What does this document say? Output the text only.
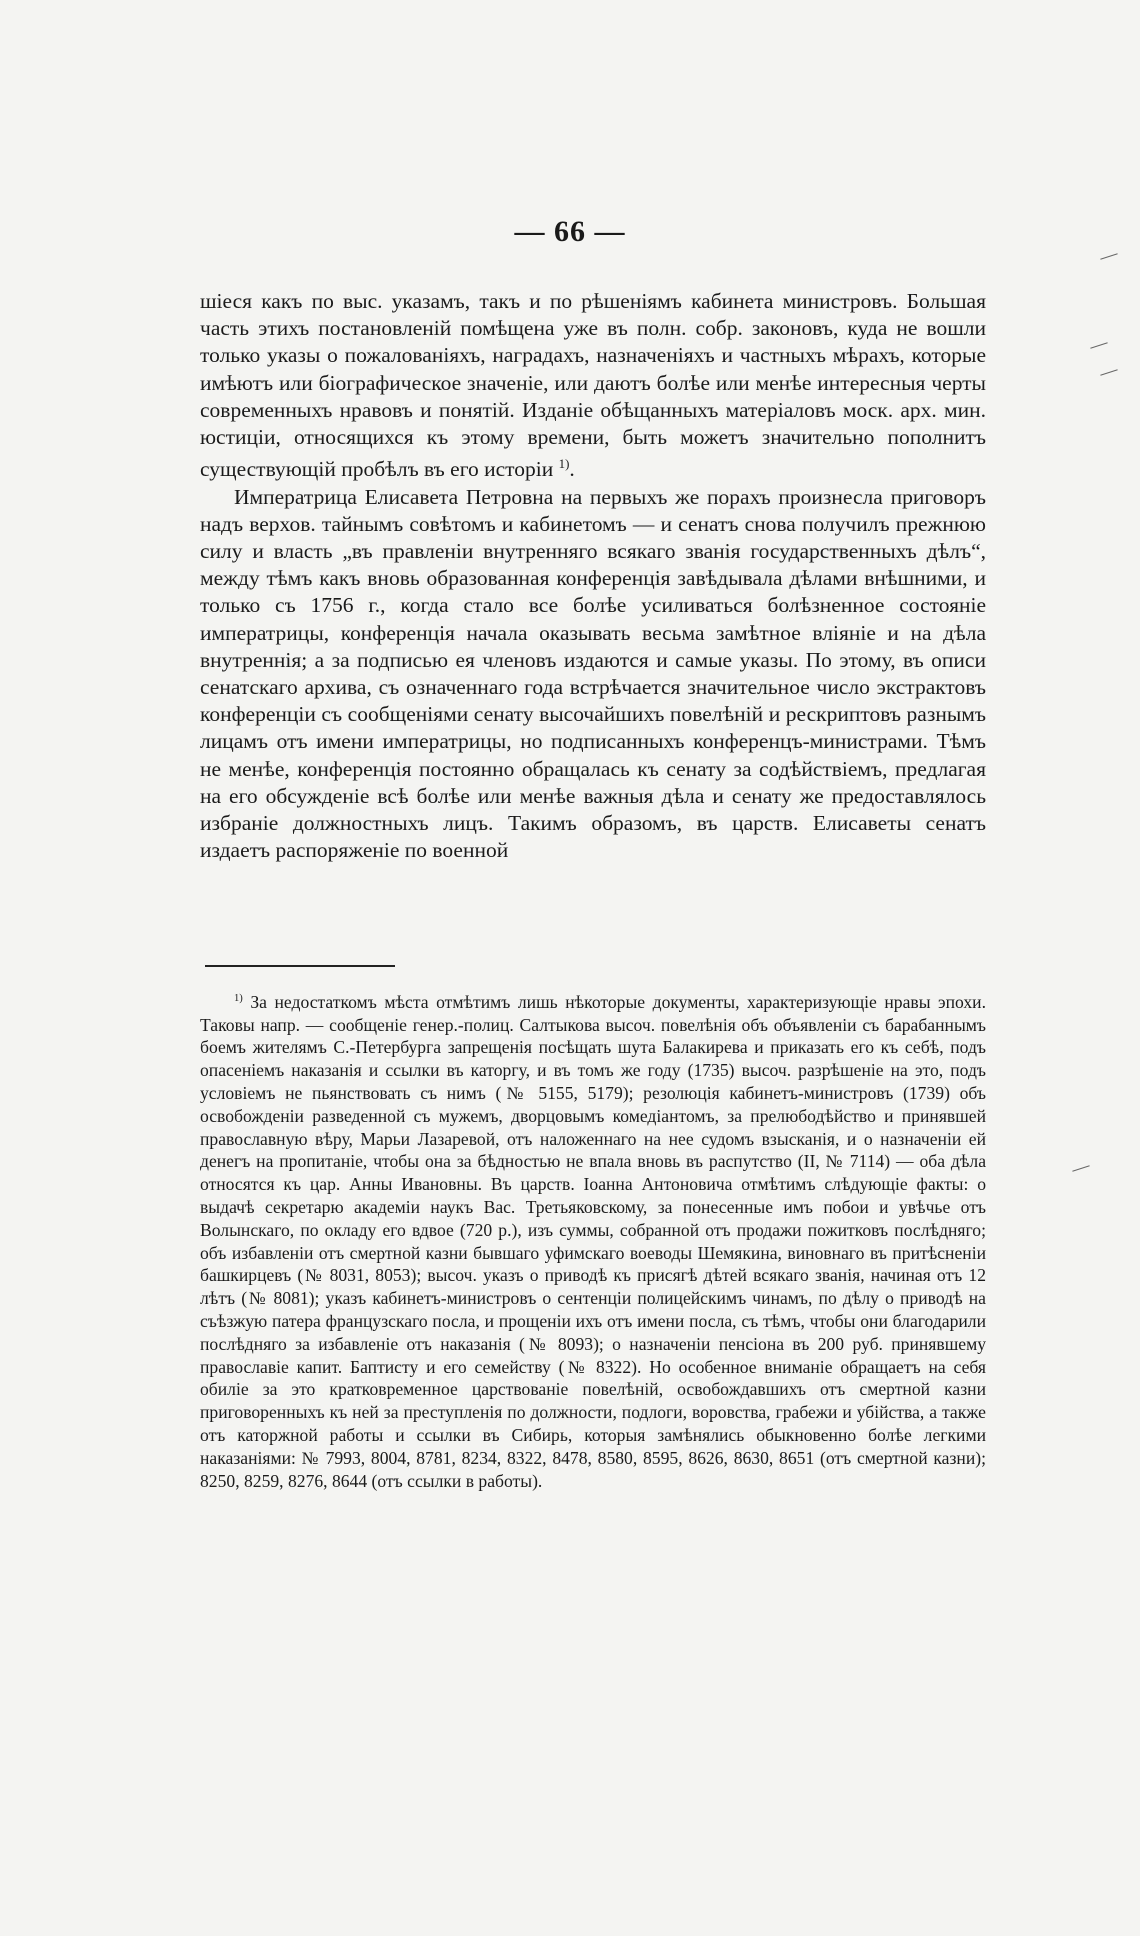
— 66 —

шіеся какъ по выс. указамъ, такъ и по рѣшеніямъ кабинета министровъ. Большая часть этихъ постановленій помѣщена уже въ полн. собр. законовъ, куда не вошли только указы о пожалованіяхъ, наградахъ, назначеніяхъ и частныхъ мѣрахъ, которые имѣютъ или біографическое значеніе, или даютъ болѣе или менѣе интересныя черты современныхъ нравовъ и понятій. Изданіе обѣщанныхъ матеріаловъ моск. арх. мин. юстиціи, относящихся къ этому времени, быть можетъ значительно пополнитъ существующій пробѣлъ въ его исторіи $^{1)}$.

Императрица Елисавета Петровна на первыхъ же порахъ произнесла приговоръ надъ верхов. тайнымъ совѣтомъ и кабинетомъ — и сенатъ снова получилъ прежнюю силу и власть „въ правленіи внутренняго всякаго званія государственныхъ дѣлъ“, между тѣмъ какъ вновь образованная конференція завѣдывала дѣлами внѣшними, и только съ 1756 г., когда стало все болѣе усиливаться болѣзненное состояніе императрицы, конференція начала оказывать весьма замѣтное вліяніе и на дѣла внутреннія; а за подписью ея членовъ издаются и самые указы. По этому, въ описи сенатскаго архива, съ означеннаго года встрѣчается значительное число экстрактовъ конференціи съ сообщеніями сенату высочайшихъ повелѣній и рескриптовъ разнымъ лицамъ отъ имени императрицы, но подписанныхъ конференцъ-министрами. Тѣмъ не менѣе, конференція постоянно обращалась къ сенату за содѣйствіемъ, предлагая на его обсужденіе всѣ болѣе или менѣе важныя дѣла и сенату же предоставлялось избраніе должностныхъ лицъ. Такимъ образомъ, въ царств. Елисаветы сенатъ издаетъ распоряженіе по военной

$^{1)}$ За недостаткомъ мѣста отмѣтимъ лишь нѣкоторые документы, характеризующіе нравы эпохи. Таковы напр. — сообщеніе генер.-полиц. Салтыкова высоч. повелѣнія объ объявленіи съ барабаннымъ боемъ жителямъ С.-Петербурга запрещенія посѣщать шута Балакирева и приказать его къ себѣ, подъ опасеніемъ наказанія и ссылки въ каторгу, и въ томъ же году (1735) высоч. разрѣшеніе на это, подъ условіемъ не пьянствовать съ нимъ (№ 5155, 5179); резолюція кабинетъ-министровъ (1739) объ освобожденіи разведенной съ мужемъ, дворцовымъ комедіантомъ, за прелюбодѣйство и принявшей православную вѣру, Марьи Лазаревой, отъ наложеннаго на нее судомъ взысканія, и о назначеніи ей денегъ на пропитаніе, чтобы она за бѣдностью не впала вновь въ распутство (II, № 7114) — оба дѣла относятся къ цар. Анны Ивановны. Въ царств. Іоанна Антоновича отмѣтимъ слѣдующіе факты: о выдачѣ секретарю академіи наукъ Вас. Третьяковскому, за понесенные имъ побои и увѣчье отъ Волынскаго, по окладу его вдвое (720 р.), изъ суммы, собранной отъ продажи пожитковъ послѣдняго; объ избавленіи отъ смертной казни бывшаго уфимскаго воеводы Шемякина, виновнаго въ притѣсненіи башкирцевъ (№ 8031, 8053); высоч. указъ о приводѣ къ присягѣ дѣтей всякаго званія, начиная отъ 12 лѣтъ (№ 8081); указъ кабинетъ-министровъ о сентенціи полицейскимъ чинамъ, по дѣлу о приводѣ на съѣзжую патера французскаго посла, и прощеніи ихъ отъ имени посла, съ тѣмъ, чтобы они благодарили послѣдняго за избавленіе отъ наказанія (№ 8093); о назначеніи пенсіона въ 200 руб. принявшему православіе капит. Баптисту и его семейству (№ 8322). Но особенное вниманіе обращаетъ на себя обиліе за это кратковременное царствованіе повелѣній, освобождавшихъ отъ смертной казни приговоренныхъ къ ней за преступленія по должности, подлоги, воровства, грабежи и убійства, а также отъ каторжной работы и ссылки въ Сибирь, которыя замѣнялись обыкновенно болѣе легкими наказаніями: № 7993, 8004, 8781, 8234, 8322, 8478, 8580, 8595, 8626, 8630, 8651 (отъ смертной казни); 8250, 8259, 8276, 8644 (отъ ссылки в работы).
